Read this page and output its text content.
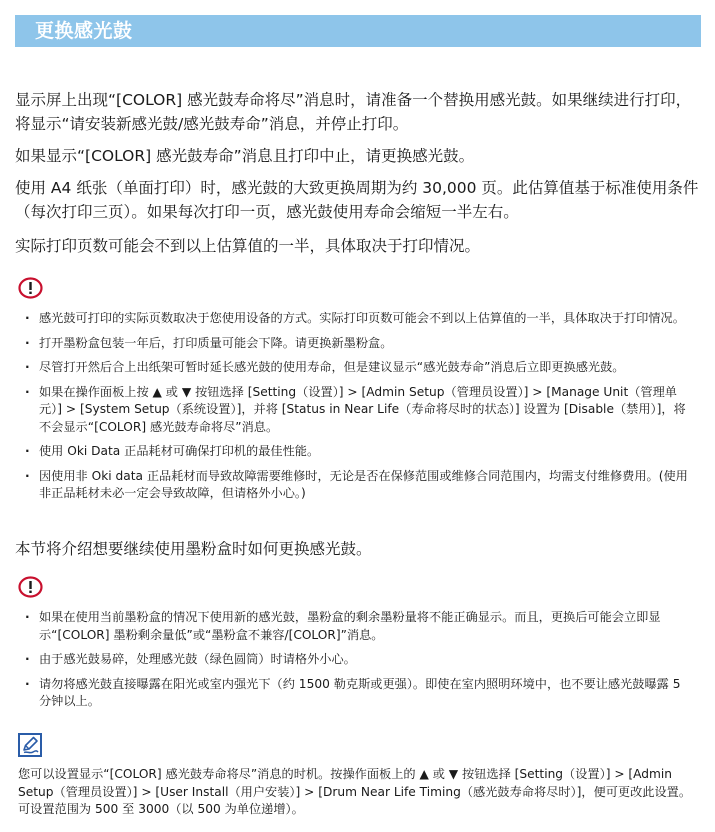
更换感光鼓

显示屏上出现“[COLOR] 感光鼓寿命将尽”消息时，请准备一个替换用感光鼓。如果继续进行打印，将显示“请安装新感光鼓/感光鼓寿命”消息，并停止打印。

如果显示“[COLOR] 感光鼓寿命”消息且打印中止，请更换感光鼓。

使用 A4 纸张（单面打印）时，感光鼓的大致更换周期为约 30,000 页。此估算值基于标准使用条件（每次打印三页）。如果每次打印一页，感光鼓使用寿命会缩短一半左右。

实际打印页数可能会不到以上估算值的一半，具体取决于打印情况。

· 感光鼓可打印的实际页数取决于您使用设备的方式。实际打印页数可能会不到以上估算值的一半，具体取决于打印情况。
· 打开墨粉盒包装一年后，打印质量可能会下降。请更换新墨粉盒。
· 尽管打开然后合上出纸架可暂时延长感光鼓的使用寿命，但是建议显示“感光鼓寿命”消息后立即更换感光鼓。
· 如果在操作面板上按 ▲ 或 ▼ 按钮选择 [Setting（设置）] > [Admin Setup（管理员设置）] > [Manage Unit（管理单元）] > [System Setup（系统设置）]，并将 [Status in Near Life（寿命将尽时的状态）] 设置为 [Disable（禁用）]，将不会显示“[COLOR] 感光鼓寿命将尽”消息。
· 使用 Oki Data 正品耗材可确保打印机的最佳性能。
· 因使用非 Oki data 正品耗材而导致故障需要维修时，无论是否在保修范围或维修合同范围内，均需支付维修费用。(使用非正品耗材未必一定会导致故障，但请格外小心。)

本节将介绍想要继续使用墨粉盒时如何更换感光鼓。

· 如果在使用当前墨粉盒的情况下使用新的感光鼓，墨粉盒的剩余墨粉量将不能正确显示。而且，更换后可能会立即显示“[COLOR] 墨粉剩余量低”或“墨粉盒不兼容/[COLOR]”消息。
· 由于感光鼓易碎，处理感光鼓（绿色圆筒）时请格外小心。
· 请勿将感光鼓直接曝露在阳光或室内强光下（约 1500 勒克斯或更强）。即使在室内照明环境中，也不要让感光鼓曝露 5 分钟以上。

您可以设置显示“[COLOR] 感光鼓寿命将尽”消息的时机。按操作面板上的 ▲ 或 ▼ 按钮选择 [Setting（设置）] > [Admin Setup（管理员设置）] > [User Install（用户安装）] > [Drum Near Life Timing（感光鼓寿命将尽时）]，便可更改此设置。可设置范围为 500 至 3000（以 500 为单位递增）。
